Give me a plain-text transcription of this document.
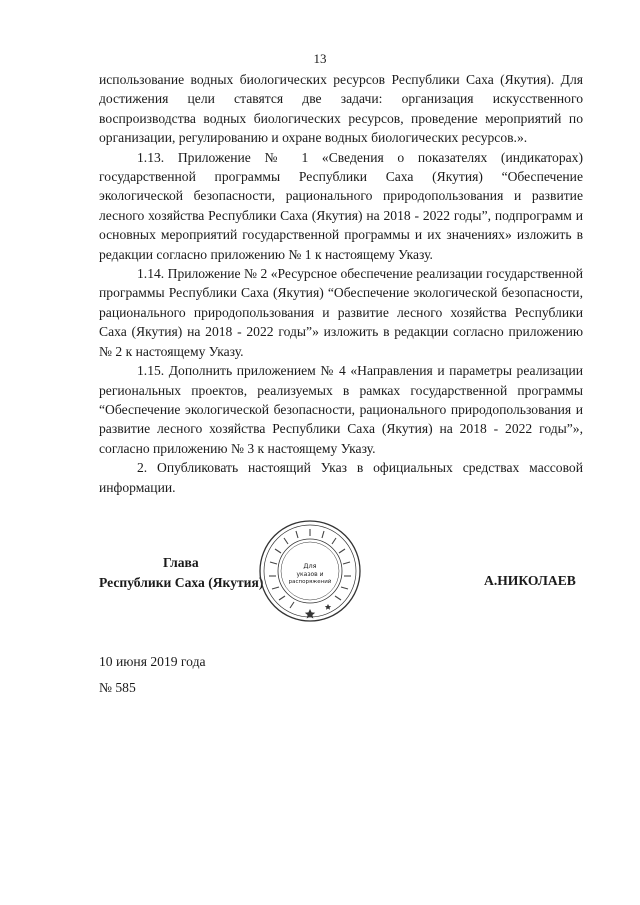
13

использование водных биологических ресурсов Республики Саха (Якутия). Для достижения цели ставятся две задачи: организация искусственного воспроизводства водных биологических ресурсов, проведение мероприятий по организации, регулированию и охране водных биологических ресурсов.».

1.13. Приложение № 1 «Сведения о показателях (индикаторах) государственной программы Республики Саха (Якутия) “Обеспечение экологической безопасности, рационального природопользования и развитие лесного хозяйства Республики Саха (Якутия) на 2018 - 2022 годы”, подпрограмм и основных мероприятий государственной программы и их значениях» изложить в редакции согласно приложению № 1 к настоящему Указу.

1.14. Приложение № 2 «Ресурсное обеспечение реализации государственной программы Республики Саха (Якутия) “Обеспечение экологической безопасности, рационального природопользования и развитие лесного хозяйства Республики Саха (Якутия) на 2018 - 2022 годы”» изложить в редакции согласно приложению № 2 к настоящему Указу.

1.15. Дополнить приложением № 4 «Направления и параметры реализации региональных проектов, реализуемых в рамках государственной программы “Обеспечение экологической безопасности, рационального природопользования и развитие лесного хозяйства Республики Саха (Якутия) на 2018 - 2022 годы”», согласно приложению № 3 к настоящему Указу.

2. Опубликовать настоящий Указ в официальных средствах массовой информации.

Глава
Республики Саха (Якутия)
Для
указов и
распоряжений	А.НИКОЛАЕВ
10 июня 2019 года
№ 585
